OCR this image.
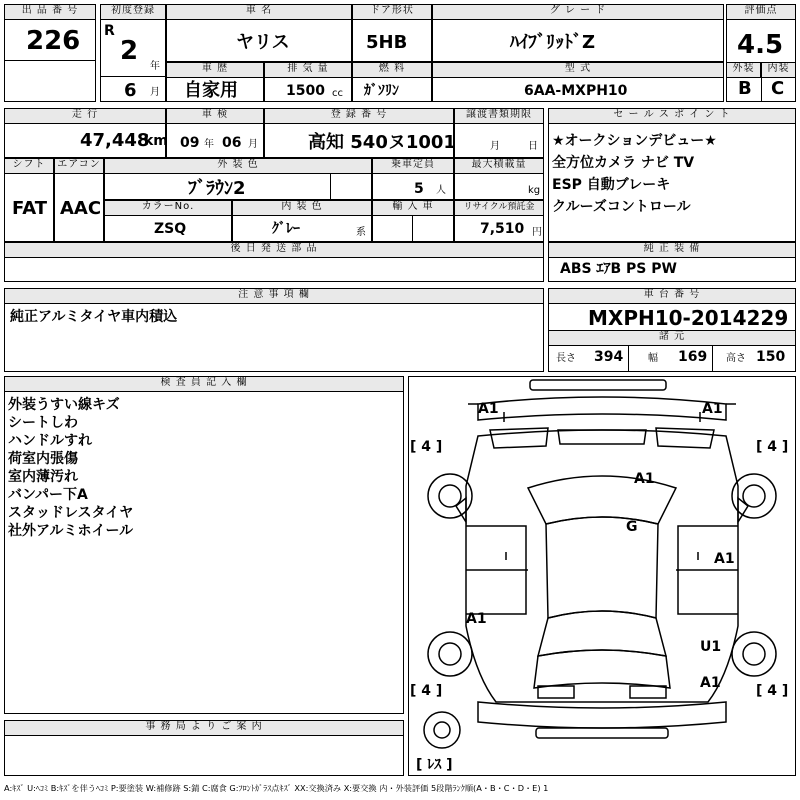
出 品 番 号
226
初度登録
R
2
年
6 月
車 名
ヤリス
ドア形状
5HB
グ レ ー ド
ﾊｲﾌﾞﾘｯﾄﾞZ
評価点
4.5
外装	内装
B C
車 歴
自家用
排 気 量
1500 cc
燃 料
ｶﾞｿﾘﾝ
型 式
6AA-MXPH10
走 行
47,448
km
車 検
09 年 06 月
登 録 番 号
高知 540ヌ1001
譲渡書類期限
月	日
シフト
FAT
エアコン
AAC
外 装 色
ﾌﾞﾗｳﾝ2
乗車定員
5 人
最大積載量
kg
カラーNo.
ZSQ
内 装 色
ｸﾞﾚｰ	系
輸 入 車	リサイクル預託金
7,510 円
後 日 発 送 部 品
セ ー ル ス ポ イ ン ト
★オークションデビュー★
全方位カメラ ナビ TV
ESP 自動ブレーキ
クルーズコントロール
純 正 装 備
ABS ｴｱB PS PW
注 意 事 項 欄
純正アルミタイヤ車内積込
車 台 番 号
MXPH10-2014229
諸 元
長さ 394 幅 169 高さ 150
検 査 員 記 入 欄
外装うすい線キズ
シートしわ
ハンドルすれ
荷室内張傷
室内薄汚れ
バンパー下A
スタッドレスタイヤ
社外アルミホイール
事 務 局 よ り ご 案 内
A1	A1
A1
G
A1
A1
U1
A1
[ 4 ]	[ 4 ]
[ 4 ]	[ 4 ]
[ ﾚｽ ]
A:ｷｽﾞ U:ﾍｺﾐ B:ｷｽﾞを伴うﾍｺﾐ P:要塗装 W:補修跡 S:錆 C:腐食 G:ﾌﾛﾝﾄｶﾞﾗｽ点ｷｽﾞ XX:交換済み X:要交換 内・外装評価 5段階ﾗﾝｸ順(A・B・C・D・E) 1
